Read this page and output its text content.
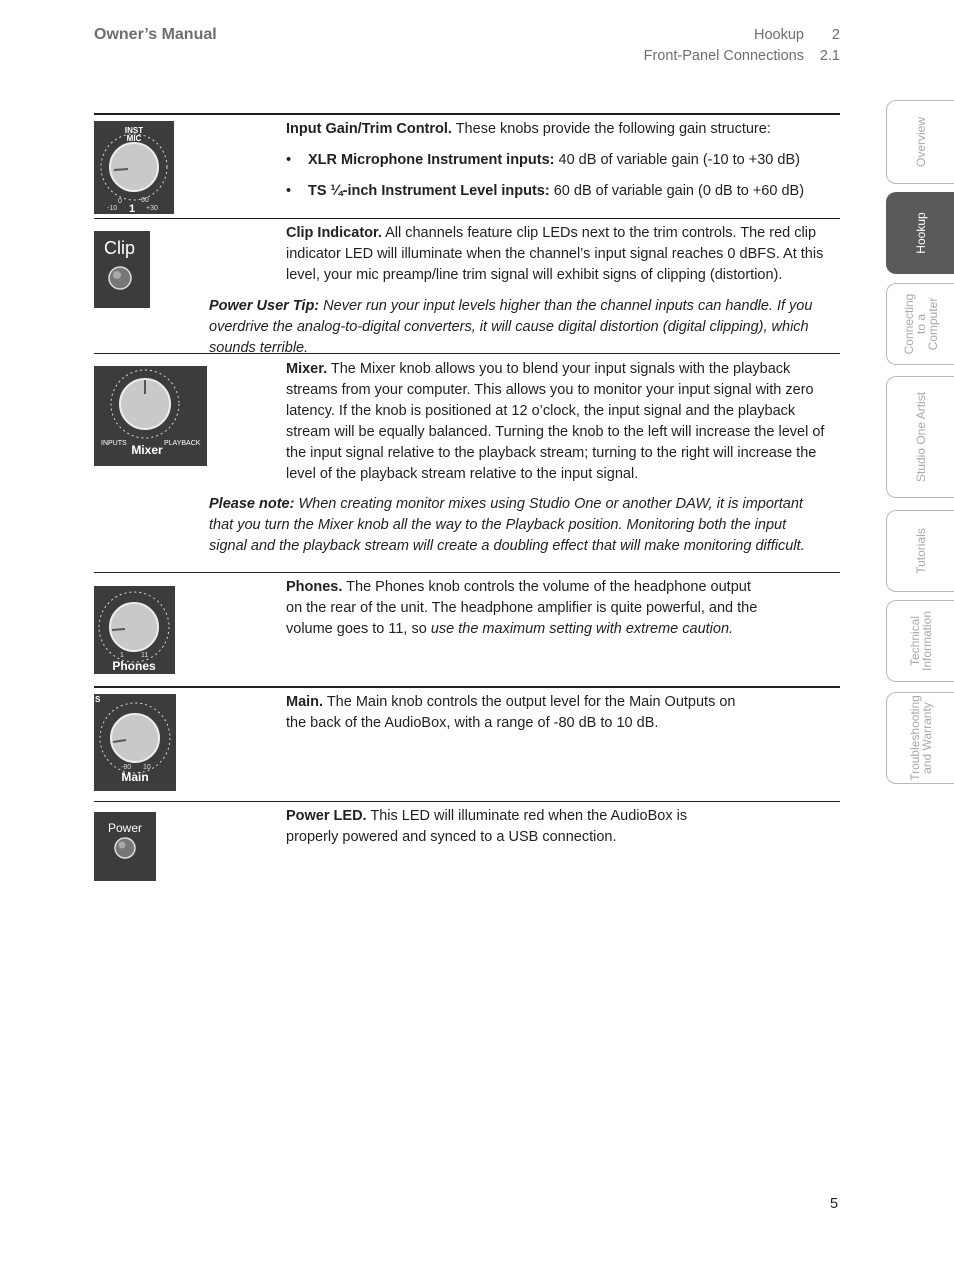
Owner’s Manual	Hookup 2
Front-Panel Connections 2.1
Overview
Hookup
Connecting
to a
Computer
Studio One Artist
Tutorials
Technical
Information
Troubleshooting
and Warranty
INST
MIC
1
-10
0	60
+30
Input Gain/Trim Control. These knobs provide the following gain structure:
• XLR Microphone Instrument inputs: 40 dB of variable gain (-10 to +30 dB)
• TS ¼-inch Instrument Level inputs: 60 dB of variable gain (0 dB to +60 dB)
Clip
Clip Indicator. All channels feature clip LEDs next to the trim controls. The red clip indicator LED will illuminate when the channel’s input signal reaches 0 dBFS. At this level, your mic preamp/line trim signal will exhibit signs of clipping (distortion).
Power User Tip: Never run your input levels higher than the channel inputs can handle. If you overdrive the analog-to-digital converters, it will cause digital distortion (digital clipping), which sounds terrible.
INPUTS	PLAYBACK
Mixer
Mixer. The Mixer knob allows you to blend your input signals with the playback streams from your computer. This allows you to monitor your input signal with zero latency. If the knob is positioned at 12 o’clock, the input signal and the playback stream will be equally balanced. Turning the knob to the left will increase the level of the input signal relative to the playback stream; turning to the right will increase the level of the playback stream relative to the input signal.
Please note: When creating monitor mixes using Studio One or another DAW, it is important that you turn the Mixer knob all the way to the Playback position. Monitoring both the input signal and the playback stream will create a doubling effect that will make monitoring difficult.
1 11
Phones
Phones. The Phones knob controls the volume of the headphone output on the rear of the unit. The headphone amplifier is quite powerful, and the volume goes to 11, so use the maximum setting with extreme caution.
S
-80 10
Main
Main. The Main knob controls the output level for the Main Outputs on the back of the AudioBox, with a range of -80 dB to 10 dB.
Power
Power LED. This LED will illuminate red when the AudioBox is properly powered and synced to a USB connection.
5
